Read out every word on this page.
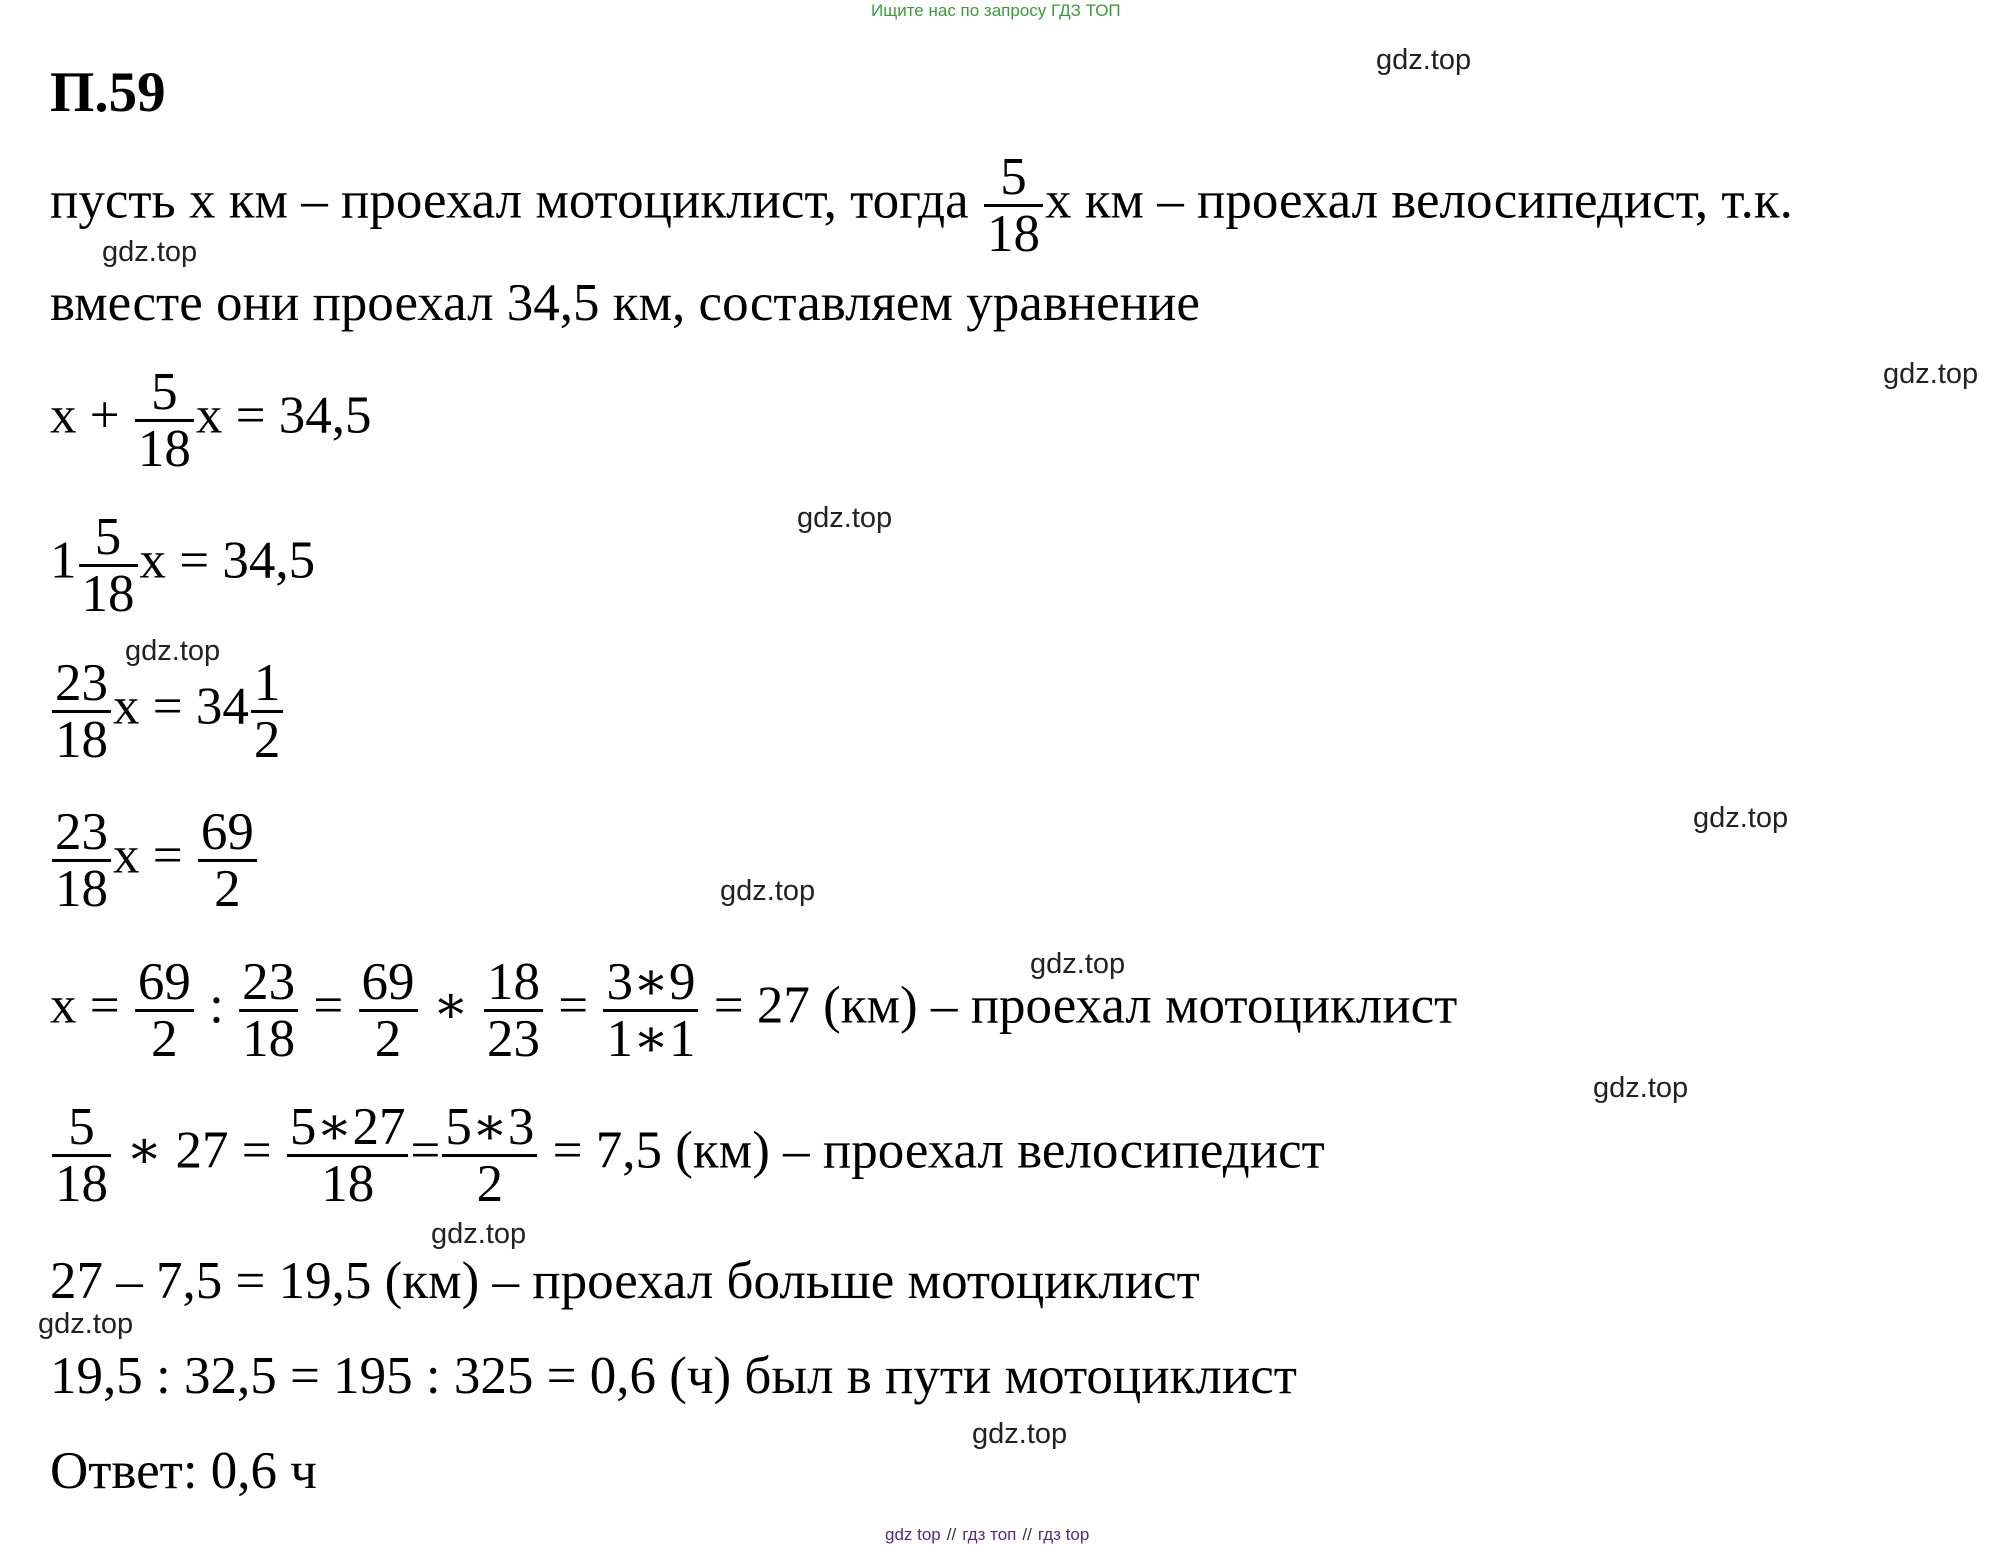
Ищите нас по запросу ГДЗ ТОП
П.59
gdz.top
gdz.top
gdz.top
gdz.top
gdz.top
gdz.top
gdz.top
gdz.top
gdz.top
gdz.top
gdz.top
gdz.top
пусть x км – проехал мотоциклист, тогда $\frac{5}{18}$ x км – проехал велосипедист, т.к.
вместе они проехал 34,5 км, составляем уравнение
$x + \frac{5}{18}$ x = 34,5
$1 \frac{5}{18}$ x = 34,5
$\frac{23}{18}$ $x = 34 \frac{1}{2}$
$\frac{23}{18}$ $x = \frac{69}{2}$
$x = \frac{69}{2}$ : $\frac{23}{18} = \frac{69}{2}$ ∗ $\frac{18}{23} = \frac{3∗9}{1∗1} = 27$ (км) – проехал мотоциклист
$\frac{5}{18}$ ∗ $27 = \frac{5∗27}{18} = \frac{5∗3}{2} = 7,5$ (км) – проехал велосипедист
27 – 7,5 = 19,5 (км) – проехал больше мотоциклист
19,5 : 32,5 = 195 : 325 = 0,6 (ч) был в пути мотоциклист
Ответ: 0,6 ч
gdz top // гдз топ // гдз top
